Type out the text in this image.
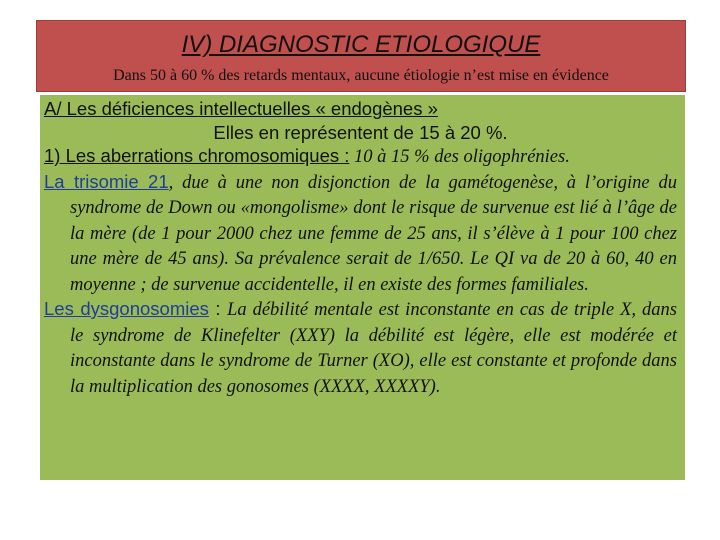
IV) DIAGNOSTIC ETIOLOGIQUE
Dans 50 à 60 % des retards mentaux, aucune étiologie n’est mise en évidence

A/ Les déficiences intellectuelles « endogènes »

Elles en représentent de 15 à 20 %.

1) Les aberrations chromosomiques : 10 à 15 % des oligophrénies.

La trisomie 21, due à une non disjonction de la gamétogenèse, à l’origine du syndrome de Down ou «mongolisme» dont le risque de survenue est lié à l’âge de la mère (de 1 pour 2000 chez une femme de 25 ans, il s’élève à 1 pour 100 chez une mère de 45 ans). Sa prévalence serait de 1/650. Le QI va de 20 à 60, 40 en moyenne ; de survenue accidentelle, il en existe des formes familiales.

Les dysgonosomies : La débilité mentale est inconstante en cas de triple X, dans le syndrome de Klinefelter (XXY) la débilité est légère, elle est modérée et inconstante dans le syndrome de Turner (XO), elle est constante et profonde dans la multiplication des gonosomes (XXXX, XXXXY).
